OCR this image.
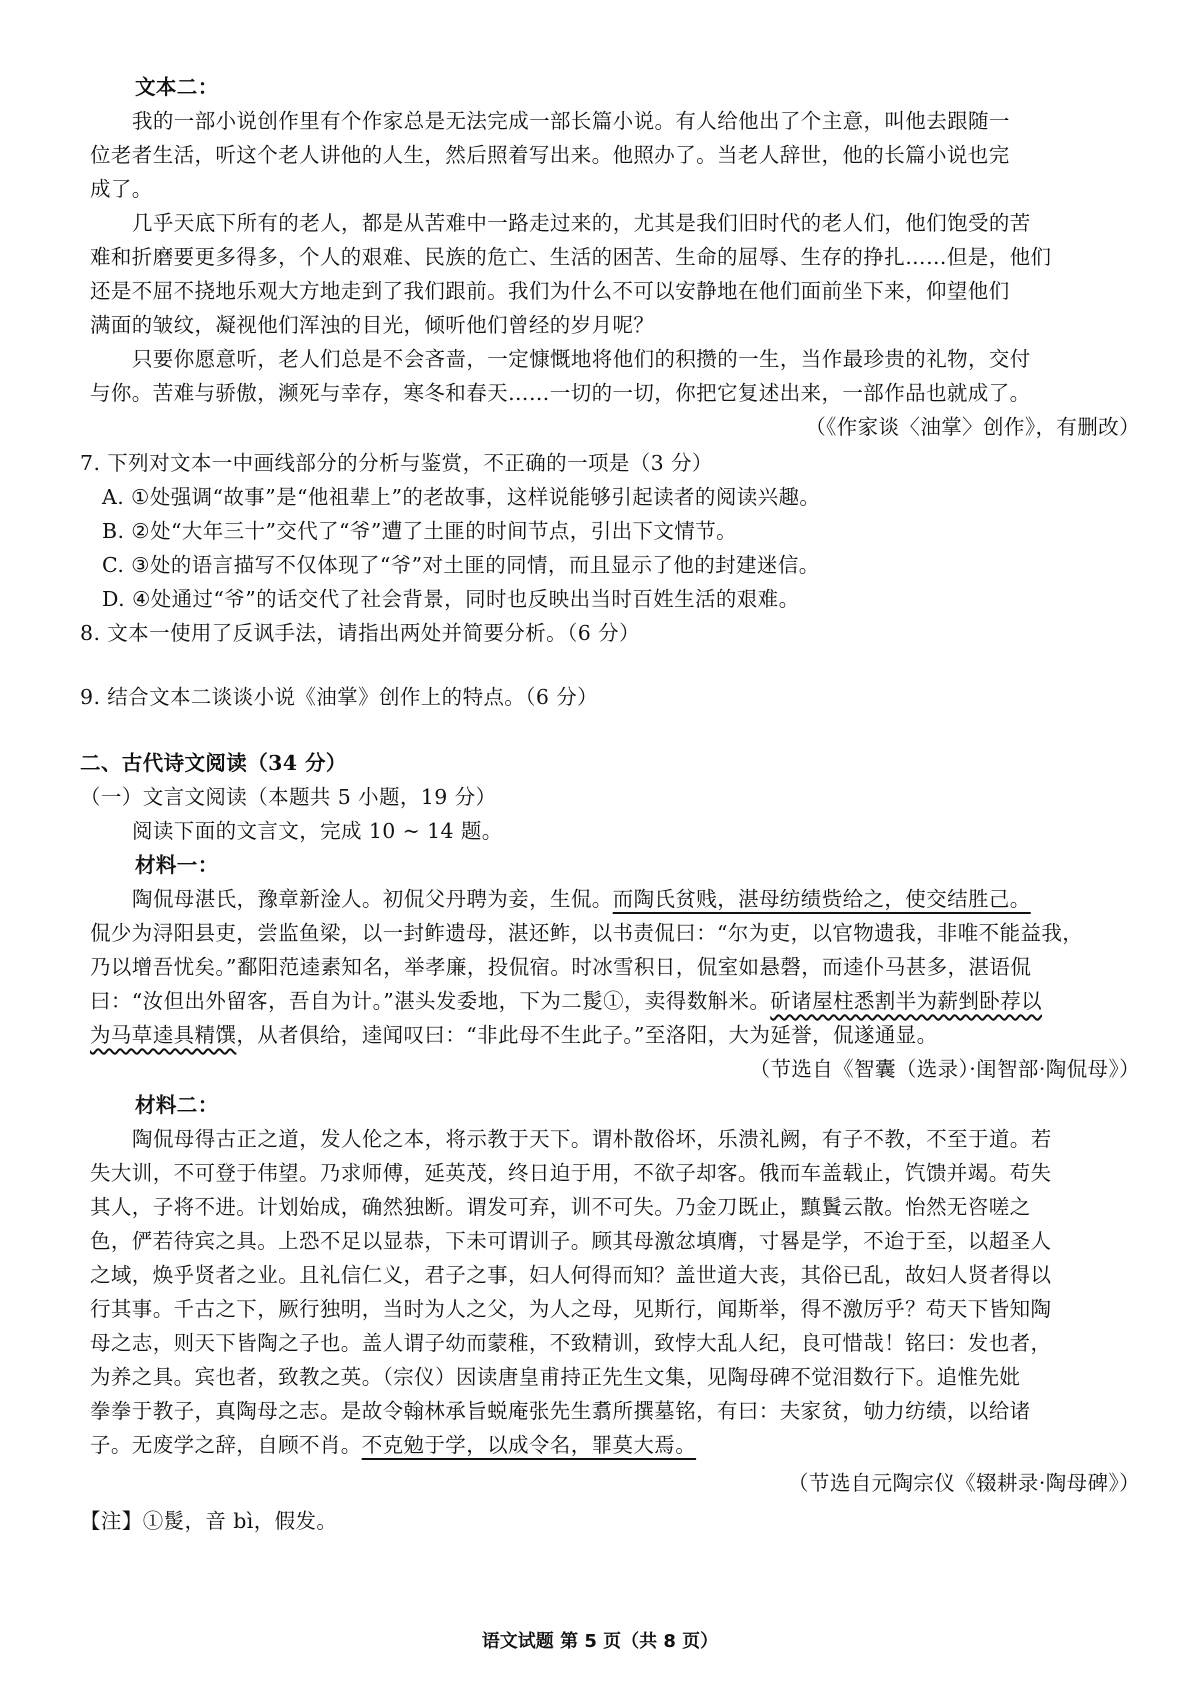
文本二：
我的一部小说创作里有个作家总是无法完成一部长篇小说。有人给他出了个主意，叫他去跟随一
位老者生活，听这个老人讲他的人生，然后照着写出来。他照办了。当老人辞世，他的长篇小说也完
成了。
几乎天底下所有的老人，都是从苦难中一路走过来的，尤其是我们旧时代的老人们，他们饱受的苦
难和折磨要更多得多，个人的艰难、民族的危亡、生活的困苦、生命的屈辱、生存的挣扎……但是，他们
还是不屈不挠地乐观大方地走到了我们跟前。我们为什么不可以安静地在他们面前坐下来，仰望他们
满面的皱纹，凝视他们浑浊的目光，倾听他们曾经的岁月呢？
只要你愿意听，老人们总是不会吝啬，一定慷慨地将他们的积攒的一生，当作最珍贵的礼物，交付
与你。苦难与骄傲，濒死与幸存，寒冬和春天……一切的一切，你把它复述出来，一部作品也就成了。
（《作家谈〈油掌〉创作》，有删改）
7. 下列对文本一中画线部分的分析与鉴赏，不正确的一项是（3 分）
A. ①处强调“故事”是“他祖辈上”的老故事，这样说能够引起读者的阅读兴趣。
B. ②处“大年三十”交代了“爷”遭了土匪的时间节点，引出下文情节。
C. ③处的语言描写不仅体现了“爷”对土匪的同情，而且显示了他的封建迷信。
D. ④处通过“爷”的话交代了社会背景，同时也反映出当时百姓生活的艰难。
8. 文本一使用了反讽手法，请指出两处并简要分析。（6 分）
9. 结合文本二谈谈小说《油掌》创作上的特点。（6 分）
二、古代诗文阅读（34 分）
（一）文言文阅读（本题共 5 小题，19 分）
阅读下面的文言文，完成 10 ~ 14 题。
材料一：
陶侃母湛氏，豫章新淦人。初侃父丹聘为妾，生侃。而陶氏贫贱，湛母纺绩赀给之，使交结胜己。
侃少为浔阳县吏，尝监鱼梁，以一封鲊遗母，湛还鲊，以书责侃曰：“尔为吏，以官物遗我，非唯不能益我，
乃以增吾忧矣。”鄱阳范逵素知名，举孝廉，投侃宿。时冰雪积日，侃室如悬磬，而逵仆马甚多，湛语侃
曰：“汝但出外留客，吾自为计。”湛头发委地，下为二髲①，卖得数斛米。斫诸屋柱悉割半为薪剉卧荐以
为马草逵具精馔，从者俱给，逵闻叹曰：“非此母不生此子。”至洛阳，大为延誉，侃遂通显。
（节选自《智囊（选录）·闺智部·陶侃母》）
材料二：
陶侃母得古正之道，发人伦之本，将示教于天下。谓朴散俗坏，乐溃礼阙，有子不教，不至于道。若
失大训，不可登于伟望。乃求师傅，延英茂，终日迫于用，不欲子却客。俄而车盖载止，饩馈并竭。苟失
其人，子将不进。计划始成，确然独断。谓发可弃，训不可失。乃金刀既止，黰鬒云散。怡然无咨嗟之
色，俨若待宾之具。上恐不足以显恭，下未可谓训子。顾其母激忿填膺，寸晷是学，不迨于至，以超圣人
之域，焕乎贤者之业。且礼信仁义，君子之事，妇人何得而知？盖世道大丧，其俗已乱，故妇人贤者得以
行其事。千古之下，厥行独明，当时为人之父，为人之母，见斯行，闻斯举，得不激厉乎？苟天下皆知陶
母之志，则天下皆陶之子也。盖人谓子幼而蒙稚，不致精训，致悖大乱人纪，良可惜哉！铭曰：发也者，
为养之具。宾也者，致教之英。（宗仪）因读唐皇甫持正先生文集，见陶母碑不觉泪数行下。追惟先妣
拳拳于教子，真陶母之志。是故令翰林承旨蜕庵张先生翥所撰墓铭，有曰：夫家贫，劬力纺绩，以给诸
子。无废学之辞，自顾不肖。不克勉于学，以成令名，罪莫大焉。
（节选自元陶宗仪《辍耕录·陶母碑》）
【注】①髲，音 bì，假发。
语文试题 第 5 页（共 8 页）
